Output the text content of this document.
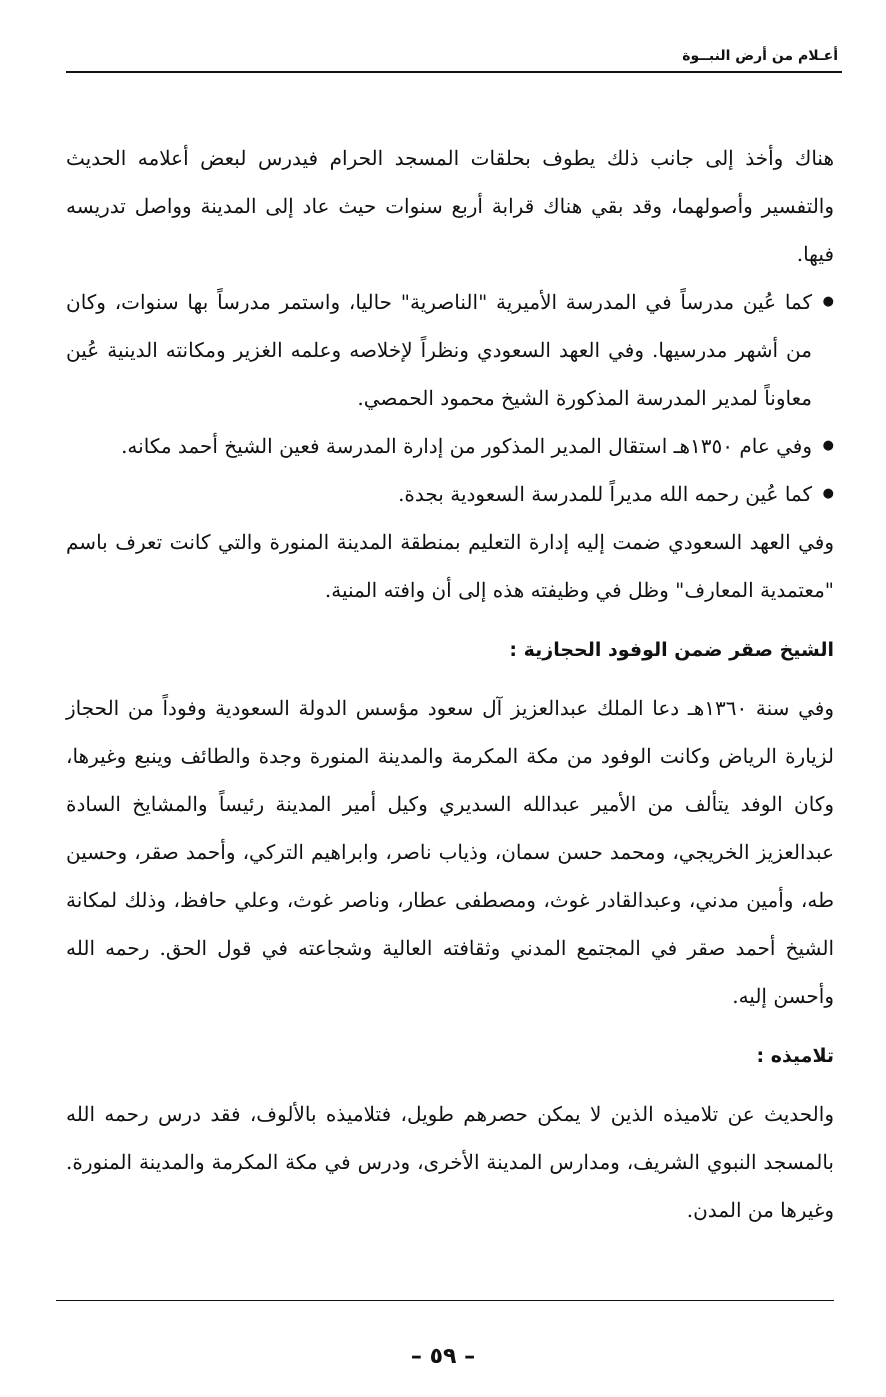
أعـلام من أرض النبــوة

هناك وأخذ إلى جانب ذلك يطوف بحلقات المسجد الحرام فيدرس لبعض أعلامه الحديث والتفسير وأصولهما، وقد بقي هناك قرابة أربع سنوات حيث عاد إلى المدينة وواصل تدريسه فيها.

● كما عُين مدرساً في المدرسة الأميرية "الناصرية" حاليا، واستمر مدرساً بها سنوات، وكان من أشهر مدرسيها. وفي العهد السعودي ونظراً لإخلاصه وعلمه الغزير ومكانته الدينية عُين معاوناً لمدير المدرسة المذكورة الشيخ محمود الحمصي.
● وفي عام ١٣٥٠هـ استقال المدير المذكور من إدارة المدرسة فعين الشيخ أحمد مكانه.
● كما عُين رحمه الله مديراً للمدرسة السعودية بجدة.

وفي العهد السعودي ضمت إليه إدارة التعليم بمنطقة المدينة المنورة والتي كانت تعرف باسم "معتمدية المعارف" وظل في وظيفته هذه إلى أن وافته المنية.

الشيخ صقر ضمن الوفود الحجازية :

وفي سنة ١٣٦٠هـ دعا الملك عبدالعزيز آل سعود مؤسس الدولة السعودية وفوداً من الحجاز لزيارة الرياض وكانت الوفود من مكة المكرمة والمدينة المنورة وجدة والطائف وينبع وغيرها، وكان الوفد يتألف من الأمير عبدالله السديري وكيل أمير المدينة رئيساً والمشايخ السادة عبدالعزيز الخريجي، ومحمد حسن سمان، وذياب ناصر، وابراهيم التركي، وأحمد صقر، وحسين طه، وأمين مدني، وعبدالقادر غوث، ومصطفى عطار، وناصر غوث، وعلي حافظ، وذلك لمكانة الشيخ أحمد صقر في المجتمع المدني وثقافته العالية وشجاعته في قول الحق. رحمه الله وأحسن إليه.

تلاميذه :

والحديث عن تلاميذه الذين لا يمكن حصرهم طويل، فتلاميذه بالألوف، فقد درس رحمه الله بالمسجد النبوي الشريف، ومدارس المدينة الأخرى، ودرس في مكة المكرمة والمدينة المنورة. وغيرها من المدن.

– ٥٩ –
